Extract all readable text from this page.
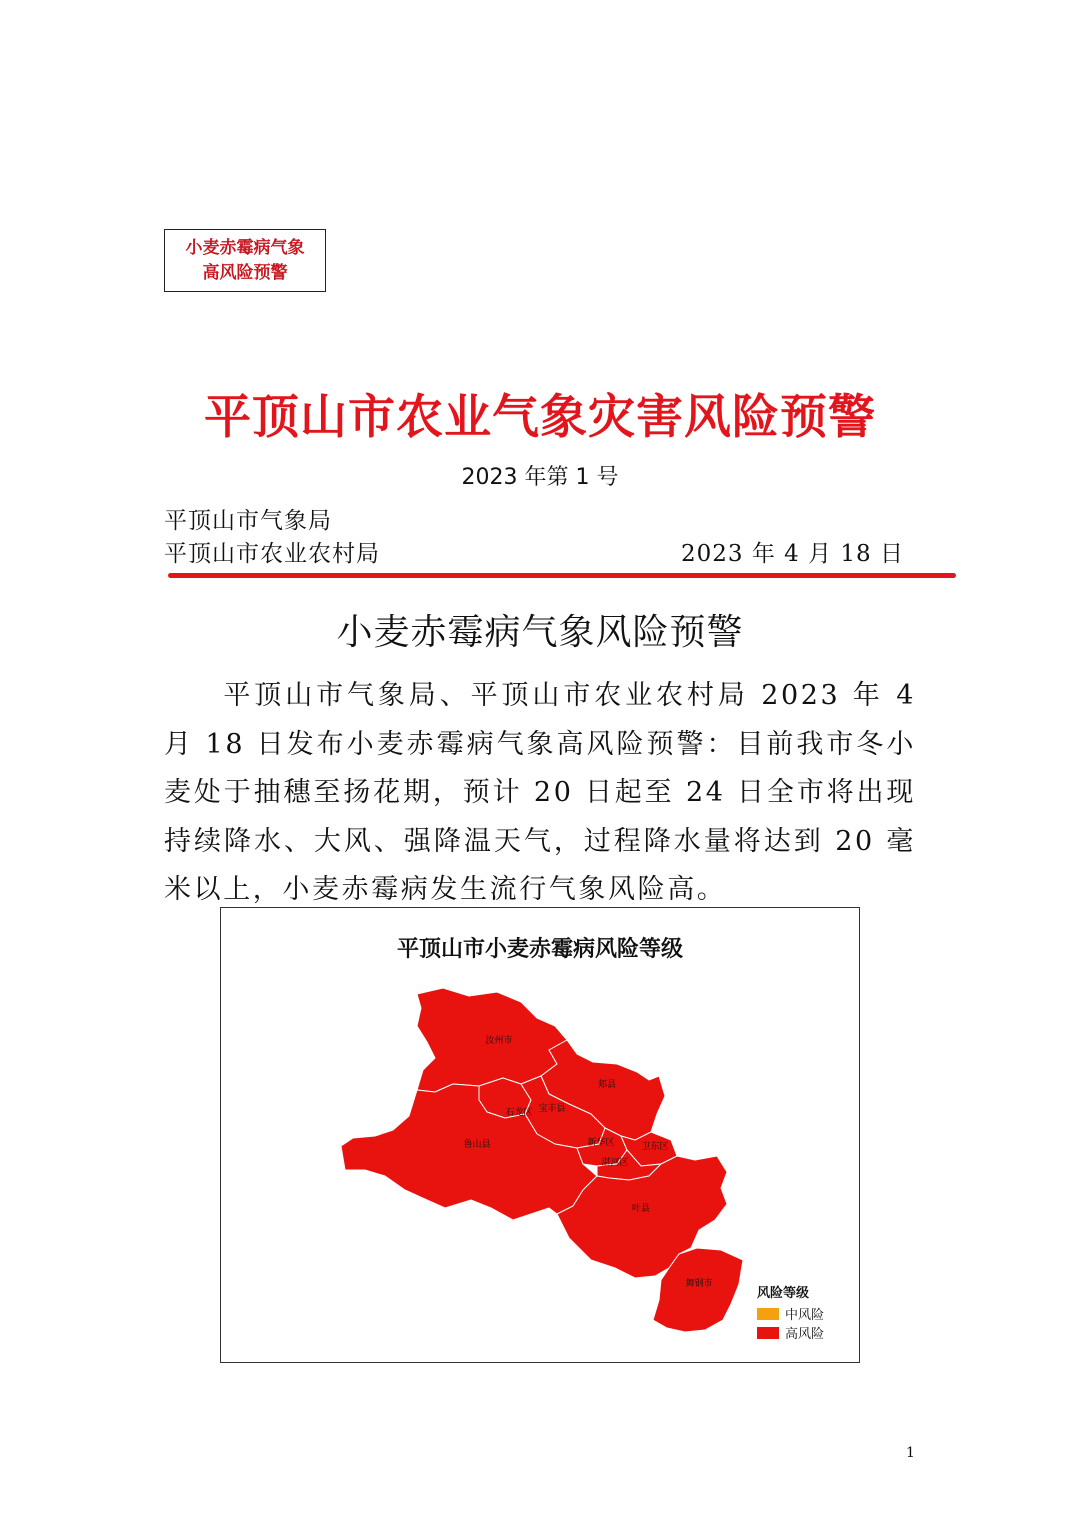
小麦赤霉病气象
高风险预警
平顶山市农业气象灾害风险预警
2023 年第 1 号
平顶山市气象局
平顶山市农业农村局	2023 年 4 月 18 日
小麦赤霉病气象风险预警

平顶山市气象局、平顶山市农业农村局 2023 年 4 月 18 日发布小麦赤霉病气象高风险预警：目前我市冬小麦处于抽穗至扬花期，预计 20 日起至 24 日全市将出现持续降水、大风、强降温天气，过程降水量将达到 20 毫米以上，小麦赤霉病发生流行气象风险高。

平顶山市小麦赤霉病风险等级
汝州市
郏县
石龙区 宝丰县
鲁山县	新华区	卫东区
湛河区
叶县
舞钢市
风险等级
中风险
高风险
1
